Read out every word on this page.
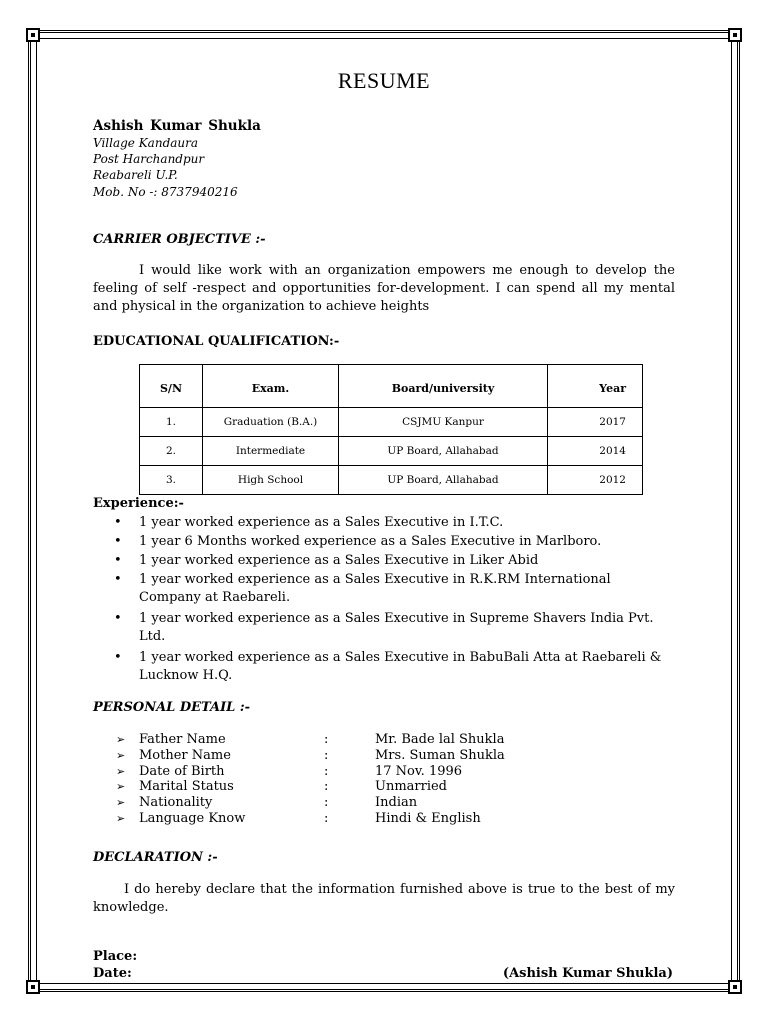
RESUME
Ashish Kumar Shukla
Village Kandaura
Post Harchandpur
Reabareli U.P.
Mob. No -: 8737940216
CARRIER OBJECTIVE :-
I would like work with an organization empowers me enough to develop the feeling of self -respect and opportunities for-development. I can spend all my mental and physical in the organization to achieve heights
EDUCATIONAL QUALIFICATION:-
S/N	Exam.	Board/university	Year
1.	Graduation (B.A.)	CSJMU Kanpur	2017
2.	Intermediate	UP Board, Allahabad	2014
3.	High School	UP Board, Allahabad	2012
Experience:-
• 1 year worked experience as a Sales Executive in I.T.C.
• 1 year 6 Months worked experience as a Sales Executive in Marlboro.
• 1 year worked experience as a Sales Executive in Liker Abid
• 1 year worked experience as a Sales Executive in R.K.RM International Company at Raebareli.
• 1 year worked experience as a Sales Executive in Supreme Shavers India Pvt. Ltd.
• 1 year worked experience as a Sales Executive in BabuBali Atta at Raebareli & Lucknow H.Q.
PERSONAL DETAIL :-
➢ Father Name	:	Mr. Bade lal Shukla
➢ Mother Name	:	Mrs. Suman Shukla
➢ Date of Birth	:	17 Nov. 1996
➢ Marital Status	:	Unmarried
➢ Nationality	:	Indian
➢ Language Know	:	Hindi & English
DECLARATION :-
I do hereby declare that the information furnished above is true to the best of my knowledge.
Place:
Date:	(Ashish Kumar Shukla)
